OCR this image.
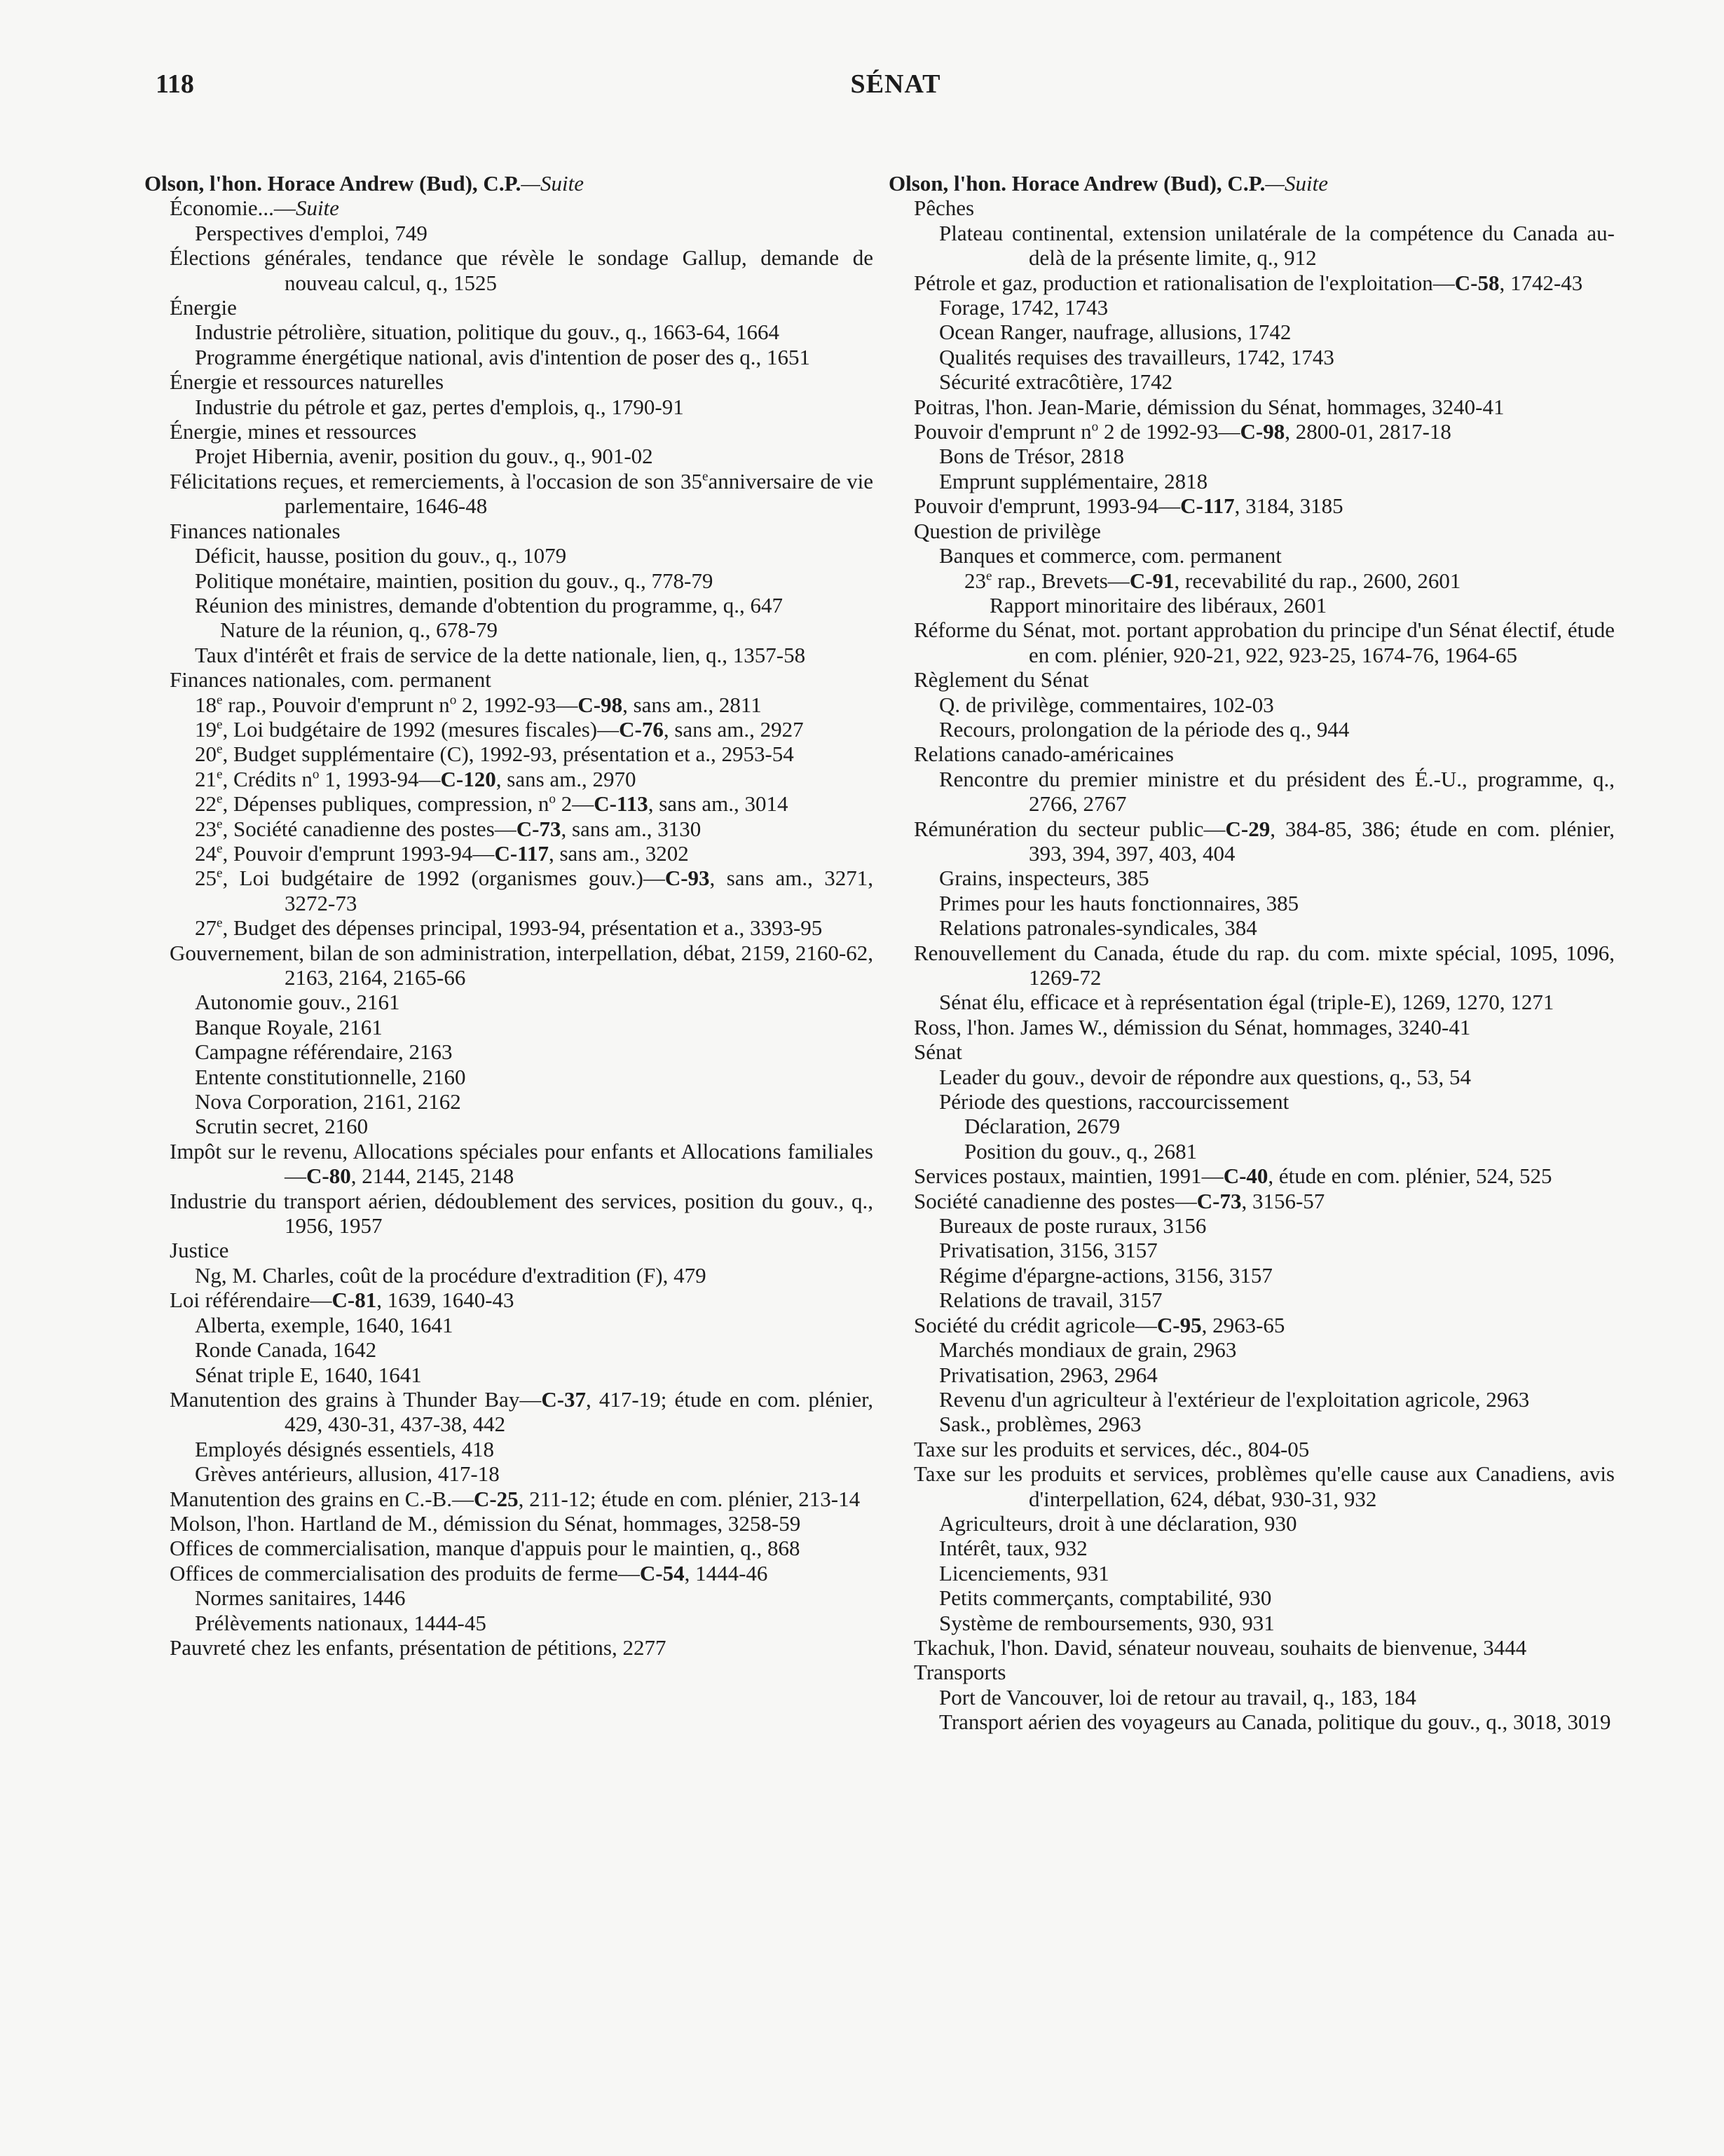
118	SÉNAT
Olson, l'hon. Horace Andrew (Bud), C.P.—Suite
Économie...—Suite
Perspectives d'emploi, 749
Élections générales, tendance que révèle le sondage Gallup, demande de nouveau calcul, q., 1525
Énergie
Industrie pétrolière, situation, politique du gouv., q., 1663-64, 1664
Programme énergétique national, avis d'intention de poser des q., 1651
Énergie et ressources naturelles
Industrie du pétrole et gaz, pertes d'emplois, q., 1790-91
Énergie, mines et ressources
Projet Hibernia, avenir, position du gouv., q., 901-02
Félicitations reçues, et remerciements, à l'occasion de son 35eanniversaire de vie parlementaire, 1646-48
Finances nationales
Déficit, hausse, position du gouv., q., 1079
Politique monétaire, maintien, position du gouv., q., 778-79
Réunion des ministres, demande d'obtention du programme, q., 647
Nature de la réunion, q., 678-79
Taux d'intérêt et frais de service de la dette nationale, lien, q., 1357-58
Finances nationales, com. permanent
18e rap., Pouvoir d'emprunt $n^o$ 2, 1992-93—C-98, sans am., 2811
19e, Loi budgétaire de 1992 (mesures fiscales)—C-76, sans am., 2927
20e, Budget supplémentaire (C), 1992-93, présentation et a., 2953-54
21e, Crédits $n^o$ 1, 1993-94—C-120, sans am., 2970
22e, Dépenses publiques, compression, $n^o$ 2—C-113, sans am., 3014
23e, Société canadienne des postes—C-73, sans am., 3130
24e, Pouvoir d'emprunt 1993-94—C-117, sans am., 3202
25e, Loi budgétaire de 1992 (organismes gouv.)—C-93, sans am., 3271, 3272-73
27e, Budget des dépenses principal, 1993-94, présentation et a., 3393-95
Gouvernement, bilan de son administration, interpellation, débat, 2159, 2160-62, 2163, 2164, 2165-66
Autonomie gouv., 2161
Banque Royale, 2161
Campagne référendaire, 2163
Entente constitutionnelle, 2160
Nova Corporation, 2161, 2162
Scrutin secret, 2160
Impôt sur le revenu, Allocations spéciales pour enfants et Allocations familiales—C-80, 2144, 2145, 2148
Industrie du transport aérien, dédoublement des services, position du gouv., q., 1956, 1957
Justice
Ng, M. Charles, coût de la procédure d'extradition (F), 479
Loi référendaire—C-81, 1639, 1640-43
Alberta, exemple, 1640, 1641
Ronde Canada, 1642
Sénat triple E, 1640, 1641
Manutention des grains à Thunder Bay—C-37, 417-19; étude en com. plénier, 429, 430-31, 437-38, 442
Employés désignés essentiels, 418
Grèves antérieurs, allusion, 417-18
Manutention des grains en C.-B.—C-25, 211-12; étude en com. plénier, 213-14
Molson, l'hon. Hartland de M., démission du Sénat, hommages, 3258-59
Offices de commercialisation, manque d'appuis pour le maintien, q., 868
Offices de commercialisation des produits de ferme—C-54, 1444-46
Normes sanitaires, 1446
Prélèvements nationaux, 1444-45
Pauvreté chez les enfants, présentation de pétitions, 2277
Olson, l'hon. Horace Andrew (Bud), C.P.—Suite
Pêches
Plateau continental, extension unilatérale de la compétence du Canada au-delà de la présente limite, q., 912
Pétrole et gaz, production et rationalisation de l'exploitation—C-58, 1742-43
Forage, 1742, 1743
Ocean Ranger, naufrage, allusions, 1742
Qualités requises des travailleurs, 1742, 1743
Sécurité extracôtière, 1742
Poitras, l'hon. Jean-Marie, démission du Sénat, hommages, 3240-41
Pouvoir d'emprunt $n^o$ 2 de 1992-93—C-98, 2800-01, 2817-18
Bons de Trésor, 2818
Emprunt supplémentaire, 2818
Pouvoir d'emprunt, 1993-94—C-117, 3184, 3185
Question de privilège
Banques et commerce, com. permanent
23e rap., Brevets—C-91, recevabilité du rap., 2600, 2601
Rapport minoritaire des libéraux, 2601
Réforme du Sénat, mot. portant approbation du principe d'un Sénat électif, étude en com. plénier, 920-21, 922, 923-25, 1674-76, 1964-65
Règlement du Sénat
Q. de privilège, commentaires, 102-03
Recours, prolongation de la période des q., 944
Relations canado-américaines
Rencontre du premier ministre et du président des É.-U., programme, q., 2766, 2767
Rémunération du secteur public—C-29, 384-85, 386; étude en com. plénier, 393, 394, 397, 403, 404
Grains, inspecteurs, 385
Primes pour les hauts fonctionnaires, 385
Relations patronales-syndicales, 384
Renouvellement du Canada, étude du rap. du com. mixte spécial, 1095, 1096, 1269-72
Sénat élu, efficace et à représentation égal (triple-E), 1269, 1270, 1271
Ross, l'hon. James W., démission du Sénat, hommages, 3240-41
Sénat
Leader du gouv., devoir de répondre aux questions, q., 53, 54
Période des questions, raccourcissement
Déclaration, 2679
Position du gouv., q., 2681
Services postaux, maintien, 1991—C-40, étude en com. plénier, 524, 525
Société canadienne des postes—C-73, 3156-57
Bureaux de poste ruraux, 3156
Privatisation, 3156, 3157
Régime d'épargne-actions, 3156, 3157
Relations de travail, 3157
Société du crédit agricole—C-95, 2963-65
Marchés mondiaux de grain, 2963
Privatisation, 2963, 2964
Revenu d'un agriculteur à l'extérieur de l'exploitation agricole, 2963
Sask., problèmes, 2963
Taxe sur les produits et services, déc., 804-05
Taxe sur les produits et services, problèmes qu'elle cause aux Canadiens, avis d'interpellation, 624, débat, 930-31, 932
Agriculteurs, droit à une déclaration, 930
Intérêt, taux, 932
Licenciements, 931
Petits commerçants, comptabilité, 930
Système de remboursements, 930, 931
Tkachuk, l'hon. David, sénateur nouveau, souhaits de bienvenue, 3444
Transports
Port de Vancouver, loi de retour au travail, q., 183, 184
Transport aérien des voyageurs au Canada, politique du gouv., q., 3018, 3019
